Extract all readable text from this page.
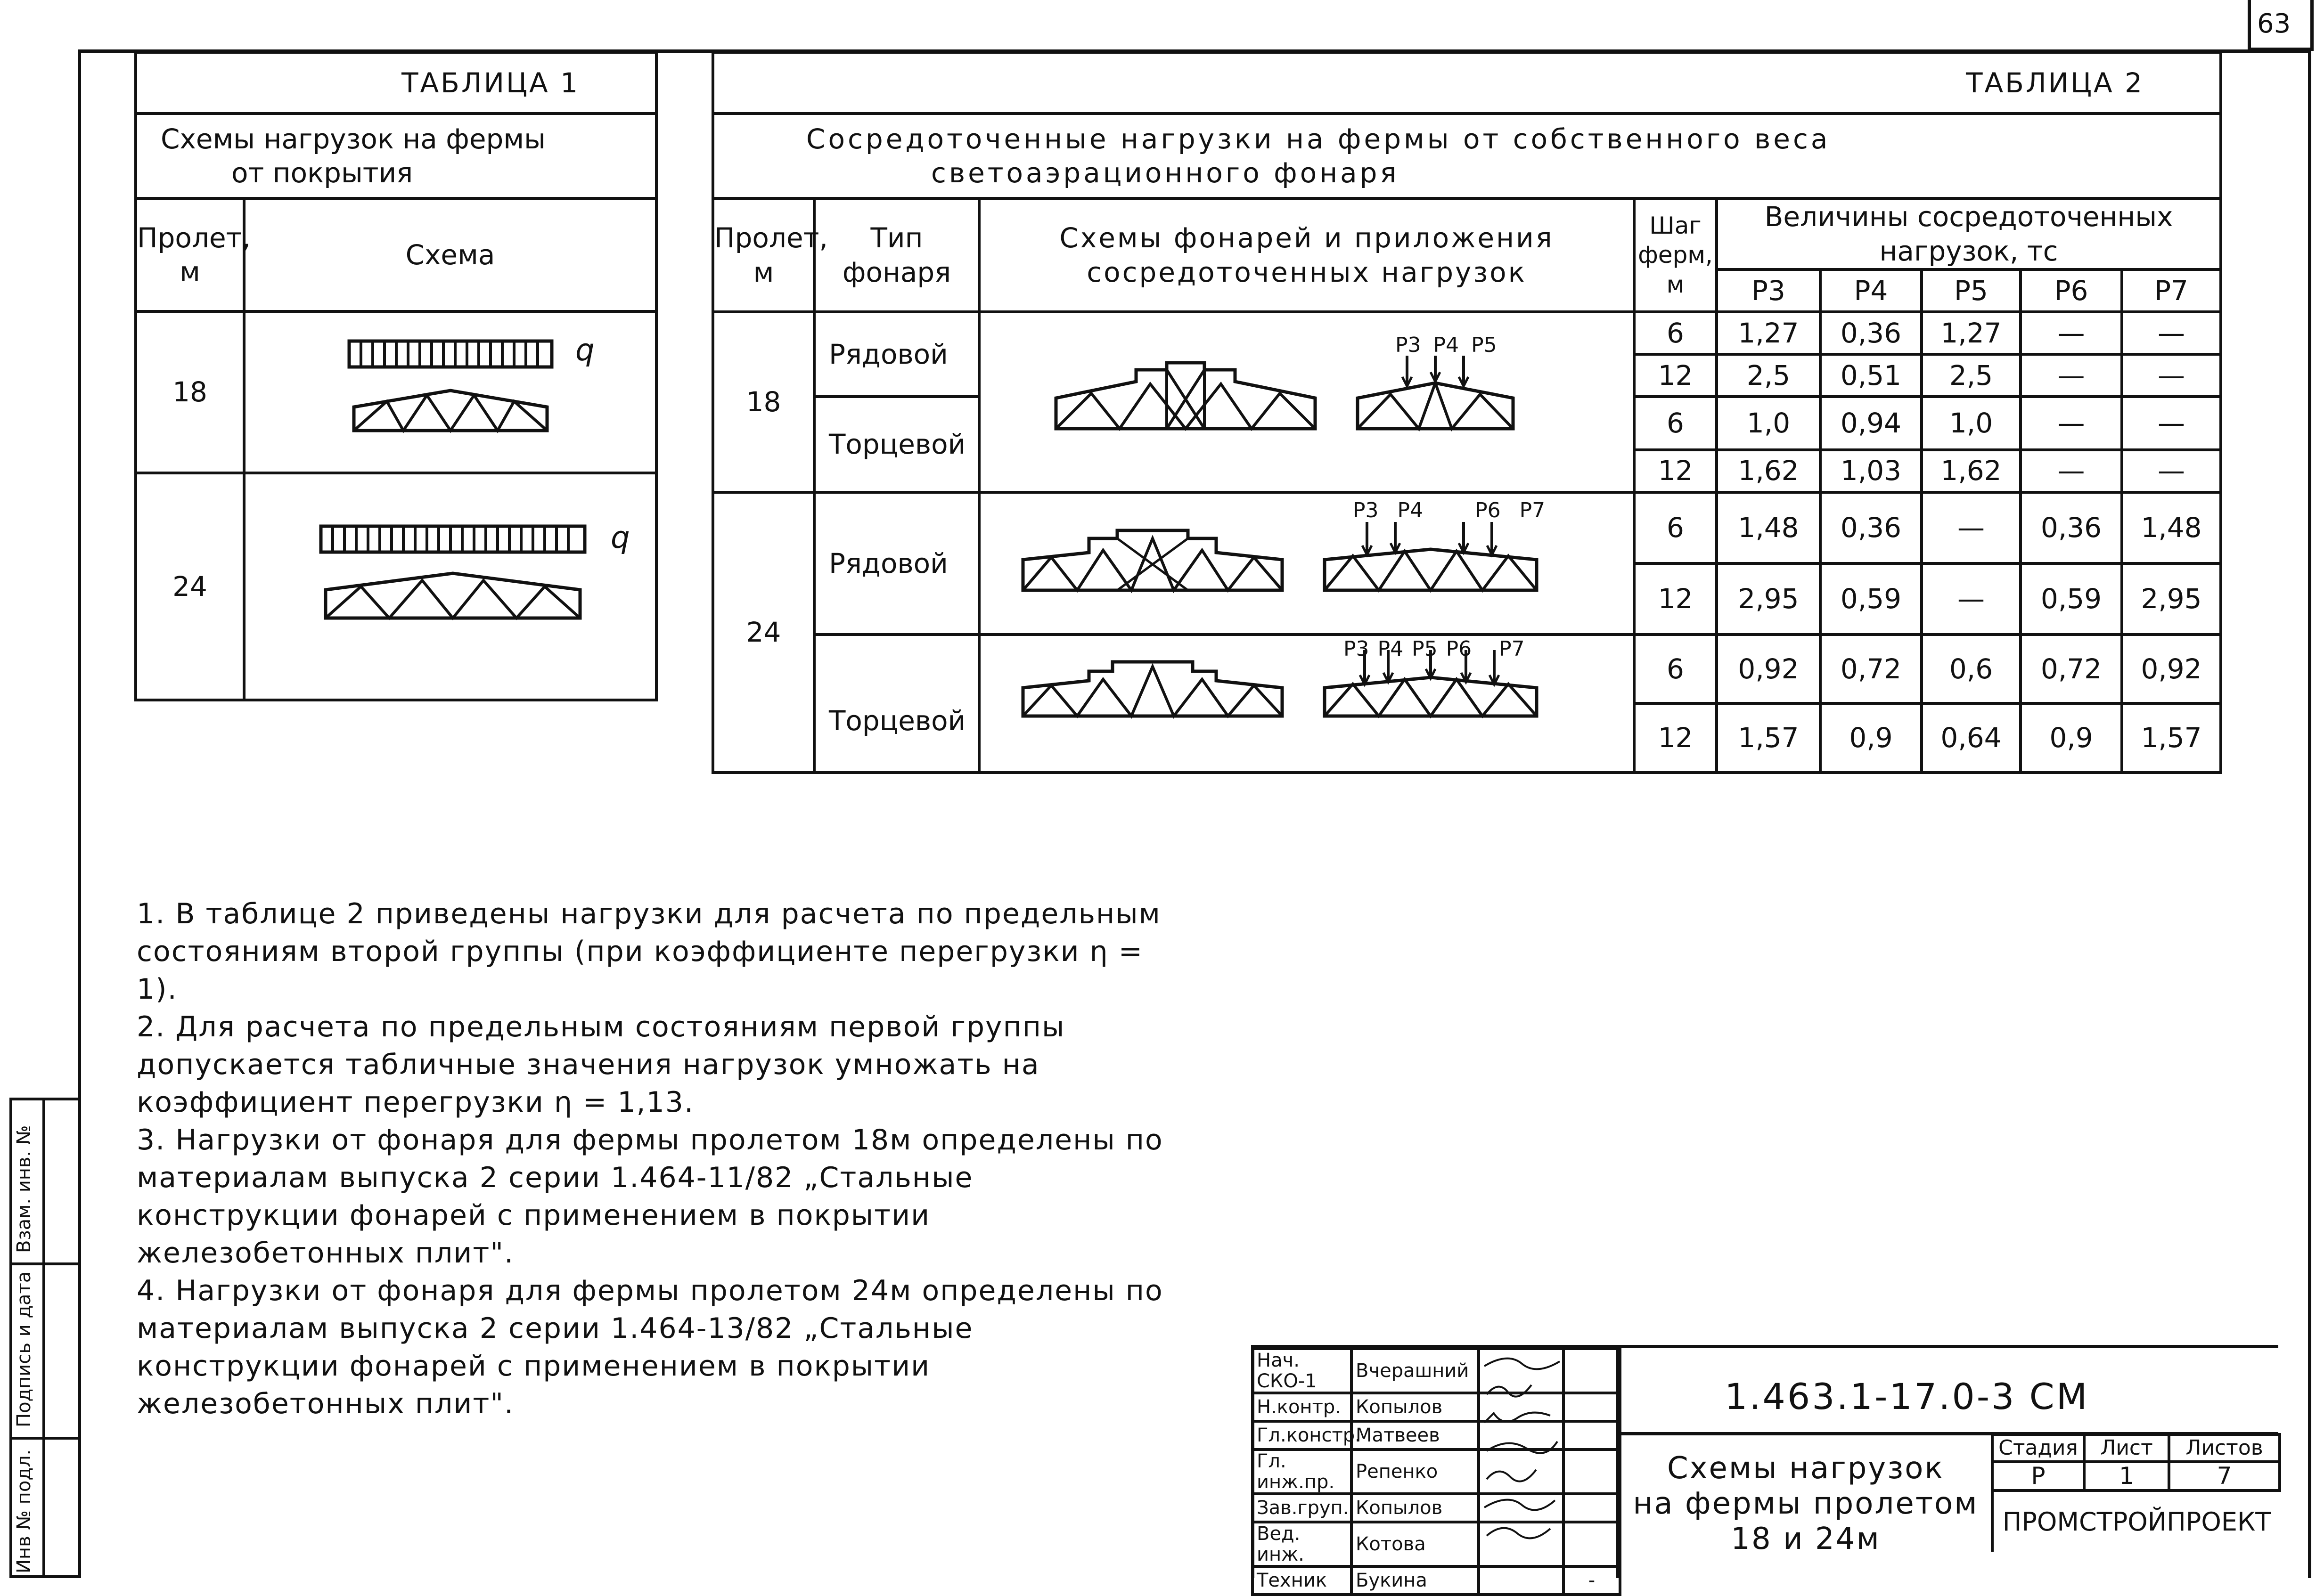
63
ТАБЛИЦА 1	

Схемы нагрузок на фермы
от покрытия	

Пролет, м	Схема
18	q

24	q
ТАБЛИЦА 2								

Сосредоточенные нагрузки на фермы от собственного веса
светоаэрационного фонаря								

Пролет, м	Тип фонаря	Схемы фонарей и приложения сосредоточенных нагрузок	Шаг ферм, м	Величины сосредоточенных нагрузок, тс				
				P3	P4	P5	P6	P7
18	Рядовой	P3 P4 P5	6	1,27	0,36	1,27	—	—
			12	2,5	0,51	2,5	—	—
	Торцевой		6	1,0	0,94	1,0	—	—
			12	1,62	1,03	1,62	—	—
24	Рядовой	P3 P4 P6 P7	6	1,48	0,36	—	0,36	1,48
			12	2,95	0,59	—	0,59	2,95
	Торцевой	P3 P4 P5 P6 P7	6	0,92	0,72	0,6	0,72	0,92
			12	1,57	0,9	0,64	0,9	1,57

1. В таблице 2 приведены нагрузки для расчета по предельным состояниям второй группы (при коэффициенте перегрузки η = 1).

2. Для расчета по предельным состояниям первой группы допускается табличные значения нагрузок умножать на коэффициент перегрузки η = 1,13.

3. Нагрузки от фонаря для фермы пролетом 18м определены по материалам выпуска 2 серии 1.464-11/82 „Стальные конструкции фонарей с применением в покрытии железобетонных плит".

4. Нагрузки от фонаря для фермы пролетом 24м определены по материалам выпуска 2 серии 1.464-13/82 „Стальные конструкции фонарей с применением в покрытии железобетонных плит".

Взам. инв. №
Подпись и дата
Инв № подл.
Нач. СКО-1	Вчерашний		
Н.контр.	Копылов		
Гл.констр.	Матвеев		
Гл. инж.пр.	Репенко		
Зав.груп.	Копылов		
Вед. инж.	Котова		
Техник	Букина		-
1.463.1-17.0-3 СМ
Схемы нагрузок
на фермы пролетом
18 и 24м
Стадия	Лист	Листов
Р	1	7
ПРОМСТРОЙПРОЕКТ		
